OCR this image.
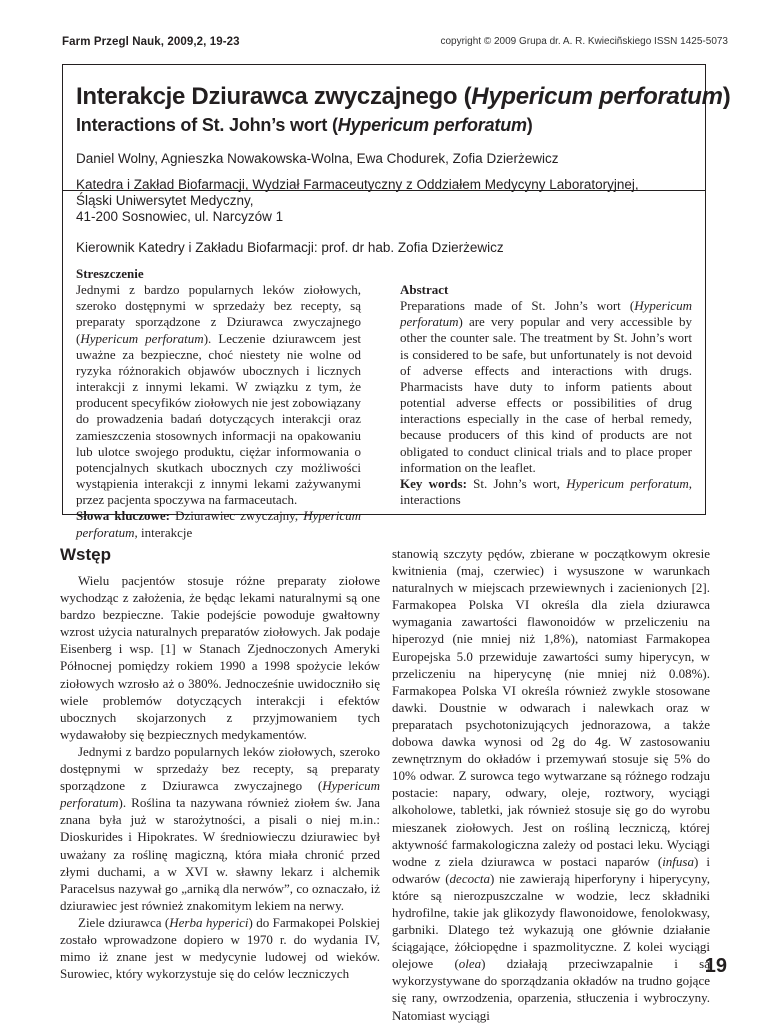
Farm Przegl Nauk, 2009,2, 19-23	copyright © 2009 Grupa dr. A. R. Kwieciñskiego ISSN 1425-5073
Interakcje Dziurawca zwyczajnego (Hypericum perforatum)
Interactions of St. John’s wort (Hypericum perforatum)
Daniel Wolny, Agnieszka Nowakowska-Wolna, Ewa Chodurek, Zofia Dzierżewicz
Katedra i Zakład Biofarmacji, Wydział Farmaceutyczny z Oddziałem Medycyny Laboratoryjnej,
Śląski Uniwersytet Medyczny,
41-200 Sosnowiec, ul. Narcyzów 1
Kierownik Katedry i Zakładu Biofarmacji: prof. dr hab. Zofia Dzierżewicz
Streszczenie
Jednymi z bardzo popularnych leków ziołowych, szeroko dostępnymi w sprzedaży bez recepty, są preparaty sporządzone z Dziurawca zwyczajnego (Hypericum perforatum). Leczenie dziurawcem jest uważne za bezpieczne, choć niestety nie wolne od ryzyka różnorakich objawów ubocznych i licznych interakcji z innymi lekami. W związku z tym, że producent specyfików ziołowych nie jest zobowiązany do prowadzenia badań dotyczących interakcji oraz zamieszczenia stosownych informacji na opakowaniu lub ulotce swojego produktu, ciężar informowania o potencjalnych skutkach ubocznych czy możliwości wystąpienia interakcji z innymi lekami zażywanymi przez pacjenta spoczywa na farmaceutach.
Słowa kluczowe: Dziurawiec zwyczajny, Hypericum perforatum, interakcje
Abstract
Preparations made of St. John’s wort (Hypericum perforatum) are very popular and very accessible by other the counter sale. The treatment by St. John’s wort is considered to be safe, but unfortunately is not devoid of adverse effects and interactions with drugs. Pharmacists have duty to inform patients about potential adverse effects or possibilities of drug interactions especially in the case of herbal remedy, because producers of this kind of products are not obligated to conduct clinical trials and to place proper information on the leaflet.
Key words: St. John’s wort, Hypericum perforatum, interactions
Wstęp

Wielu pacjentów stosuje różne preparaty ziołowe wychodząc z założenia, że będąc lekami naturalnymi są one bardzo bezpieczne. Takie podejście powoduje gwałtowny wzrost użycia naturalnych preparatów ziołowych. Jak podaje Eisenberg i wsp. [1] w Stanach Zjednoczonych Ameryki Północnej pomiędzy rokiem 1990 a 1998 spożycie leków ziołowych wzrosło aż o 380%. Jednocześnie uwidoczniło się wiele problemów dotyczących interakcji i efektów ubocznych skojarzonych z przyjmowaniem tych wydawałoby się bezpiecznych medykamentów.

Jednymi z bardzo popularnych leków ziołowych, szeroko dostępnymi w sprzedaży bez recepty, są preparaty sporządzone z Dziurawca zwyczajnego (Hypericum perforatum). Roślina ta nazywana również ziołem św. Jana znana była już w starożytności, a pisali o niej m.in.: Dioskurides i Hipokrates. W średniowieczu dziurawiec był uważany za roślinę magiczną, która miała chronić przed złymi duchami, a w XVI w. sławny lekarz i alchemik Paracelsus nazywał go „arniką dla nerwów”, co oznaczało, iż dziurawiec jest również znakomitym lekiem na nerwy.

Ziele dziurawca (Herba hyperici) do Farmakopei Polskiej zostało wprowadzone dopiero w 1970 r. do wydania IV, mimo iż znane jest w medycynie ludowej od wieków. Surowiec, który wykorzystuje się do celów leczniczych

stanowią szczyty pędów, zbierane w początkowym okresie kwitnienia (maj, czerwiec) i wysuszone w warunkach naturalnych w miejscach przewiewnych i zacienionych [2]. Farmakopea Polska VI określa dla ziela dziurawca wymagania zawartości flawonoidów w przeliczeniu na hiperozyd (nie mniej niż 1,8%), natomiast Farmakopea Europejska 5.0 przewiduje zawartości sumy hiperycyn, w przeliczeniu na hiperycynę (nie mniej niż 0.08%). Farmakopea Polska VI określa również zwykle stosowane dawki. Doustnie w odwarach i nalewkach oraz w preparatach psychotonizujących jednorazowa, a także dobowa dawka wynosi od 2g do 4g. W zastosowaniu zewnętrznym do okładów i przemywań stosuje się 5% do 10% odwar. Z surowca tego wytwarzane są różnego rodzaju postacie: napary, odwary, oleje, roztwory, wyciągi alkoholowe, tabletki, jak również stosuje się go do wyrobu mieszanek ziołowych. Jest on rośliną leczniczą, której aktywność farmakologiczna zależy od postaci leku. Wyciągi wodne z ziela dziurawca w postaci naparów (infusa) i odwarów (decocta) nie zawierają hiperforyny i hiperycyny, które są nierozpuszczalne w wodzie, lecz składniki hydrofilne, takie jak glikozydy flawonoidowe, fenolokwasy, garbniki. Dlatego też wykazują one głównie działanie ściągające, żółciopędne i spazmolityczne. Z kolei wyciągi olejowe (olea) działają przeciwzapalnie i są wykorzystywane do sporządzania okładów na trudno gojące się rany, owrzodzenia, oparzenia, stłuczenia i wybroczyny. Natomiast wyciągi

19
